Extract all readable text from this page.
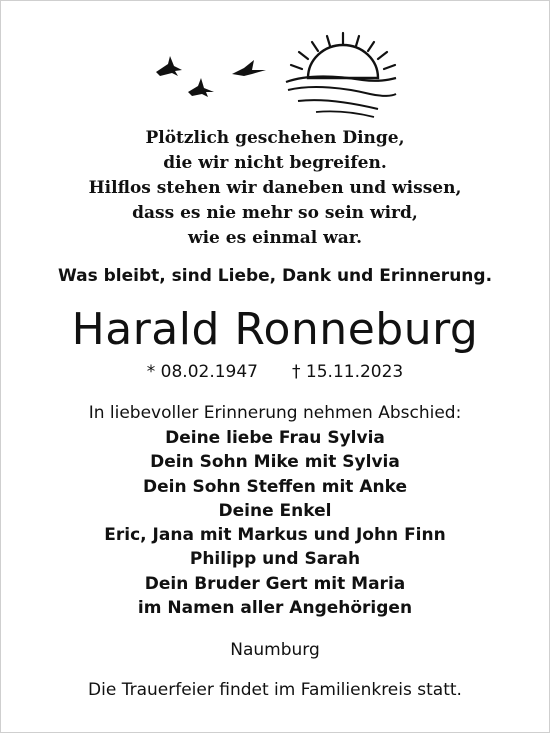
Plötzlich geschehen Dinge,
die wir nicht begreifen.
Hilflos stehen wir daneben und wissen,
dass es nie mehr so sein wird,
wie es einmal war.
Was bleibt, sind Liebe, Dank und Erinnerung.
Harald Ronneburg
* 08.02.1947 † 15.11.2023
In liebevoller Erinnerung nehmen Abschied:
Deine liebe Frau Sylvia
Dein Sohn Mike mit Sylvia
Dein Sohn Steffen mit Anke
Deine Enkel
Eric, Jana mit Markus und John Finn
Philipp und Sarah
Dein Bruder Gert mit Maria
im Namen aller Angehörigen
Naumburg
Die Trauerfeier findet im Familienkreis statt.
